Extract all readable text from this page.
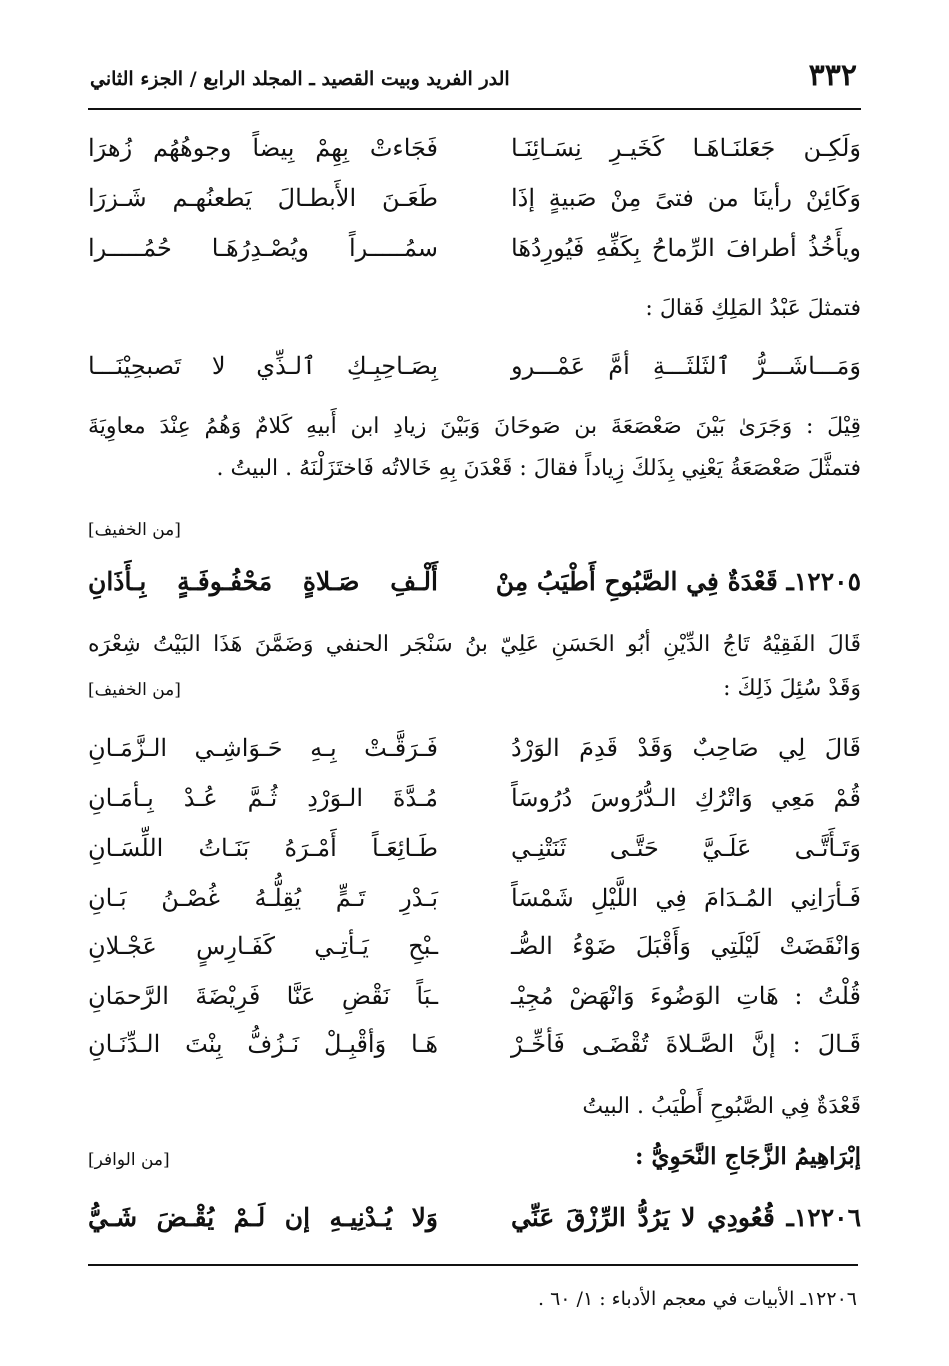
٣٣٢
الدر الفريد وبيت القصيد ـ المجلد الرابع / الجزء الثاني
وَلَكِـن جَعَلنَـاهَـا كَخَيـرِ نِسَـائِنَـا
فَجَاءتْ بِهِمْ بِيضاً وجوهُهُم زُهرَا
وَكَائِنْ رأينَا من فتىً مِنْ صَبيةٍ إذَا
طَعَـنَ الأَبطـالَ يَطعنُهـم شَـزرَا
ويأَخُذُ أطرافَ الرِّماحُ بِكَفِّهِ فَيُورِدُهَا
سمُـــــراً ويُصْـدِرُهَـا حُمُـــــرا
فتمثلَ عَبْدُ المَلِكِ فَقالَ :
وَمَـــاشَـــرُّ ٱلثَلثَـــةِ أمَّ عَمْـــرو
بِصَـاحِبِـكِ ٱلـذِّي لا تَصبحِيْنَـــا
قِيْلَ : وَجَرَىٰ بَيْنَ صَعْصَعَةَ بن صَوحَانَ وَبَيْنَ زيادِ ابن أَبيهِ كَلامٌ وَهُمُ عِنْدَ معاوِيَةَ
فتمثَّلَ صَعْصَعَةُ يَعْنِي بِذَلكَ زِياداً فقالَ : قَعْدَنَ بِهِ خَالاتُه فَاختَزَلْنَهُ . البيتُ .
[من الخفيف]
١٢٢٠٥ـ قَعْدَةٌ فِي الصَّبُوحِ أَطْيَبُ مِنْ
أَلْـفِ صَـلاةٍ مَحْفُـوفَـةٍ بِـأَذَانِ
قَالَ الفَقِيْهُ تَاجُ الدِّيْنِ أبُو الحَسَنِ عَلِيّ بنُ سَنْجَر الحنفي وَضَمَّنَ هَذَا البَيْتُ شِعْرَه
وَقَدْ سُئِلَ ذَلِكَ :
[من الخفيف]
قَالَ لِي صَاحِبٌ وَقَدْ قَدِمَ الوَرْدُ
فَـرَقَّـتْ بِـهِ حَـوَاشِـي الـزَّمَـانِ
قُمْ مَعِي وَاتْرُكِ الـدُّرُوسَ دُرُوسَاً
مُـدَّةَ الـوَرْدِ ثُـمَّ عُـدْ بِـأمَـانِ
وَتَـأَتَّـى عَلَـيَّ حَتَّـى ثَنَتْنِـي
طَـائِعَـاً أَمْـرَهُ بَنَـاتُ اللِّسَـانِ
فَـأرَانِي المُـدَامَ فِي اللَّيْلِ شَمْسَاً
بَـدْرِ تَـمٍّ يُقِلُّـهُ غُصْـنُ بَـانِ
وَانْقَضَتْ لَيْلَتِي وَأَقْبَلَ ضَوْءُ الصُّـ
ـبْحِ يَـأتِـي كَفَـارِسٍ عَجْـلانِ
قُلْتُ : هَاتِ الوَضُوءَ وَانْهَضْ مُجِيْـ
ـبَاً نَقْضِ عَنَّا فَرِيْضَةَ الرَّحمَانِ
قَـالَ : إنَّ الصَّـلاةَ تُقْضَـى فَأخِّـرْ
هَـا وَأقْبِـلْ نَـزُفُّ بِنْتَ الـدِّنَـانِ
قَعْدَةٌ فِي الصَّبُوحِ أَطْيَبُ . البيتُ
إبْرَاهِيمُ الزَّجَاجِ النَّحَوِيُّ :
[من الوافر]
١٢٢٠٦ـ قُعُودِي لا يَرُدُّ الرِّزْقَ عَنِّي
وَلا يُـدْنِيـهِ إن لَـمْ يُقْـضَ شَـيُّ
١٢٢٠٦ـ الأبيات في معجم الأدباء : ١/ ٦٠ .
